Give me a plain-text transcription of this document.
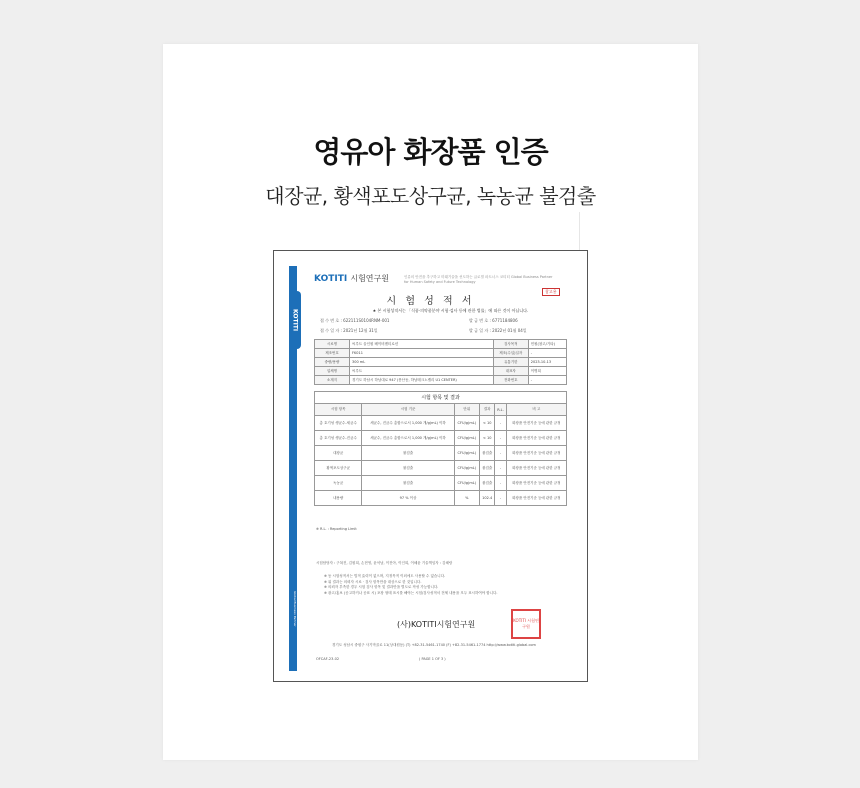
영유아 화장품 인증
대장균, 황색포도상구균, 녹농균 불검출
KOTITI
Global Business Partner
KOTITI 시험연구원	인류의 안전을 추구하고 미래기술을 선도하는 글로벌 파트너스 코티티 Global Business Partner for Human Safety and Future Technology
참고용
시 험 성 적 서
★ 본 시험성적서는 「식품·의약품분야 시험·검사 등에 관한 법률」에 따른 것이 아닙니다.
접 수 번 호 : 622111S0104RNM-001	발 급 번 호 : 6771184806
접 수 일 자 : 2021년 12월 31일	발 급 일 자 : 2022년 01월 04일
시료명	씨루트 올인원 베이비젠티로션	검사목적	민원(참고/기타)
제조번호	FK011	제조(수입)일자	-
중량/용량	300 mL	유통기한	2023-10-13
업체명	씨루트	대표자	이병희
소재지	경기도 하남시 하남대로 947 (풍산동, 하남테크노밸리 U1 CENTER)	전화번호	-
시험 항목 및 결과
시험 항목	시험 기준	단위	결과	R.L.	비 고
총 호기성 생균수-세균수	세균수, 진균수 총합으로서 1,000 개/g(mL) 이하	CFU/g(mL)	< 10	-	화장품 안전기준 등에 관한 규정
총 호기성 생균수-진균수	세균수, 진균수 총합으로서 1,000 개/g(mL) 이하	CFU/g(mL)	< 10	-	화장품 안전기준 등에 관한 규정
대장균	불검출	CFU/g(mL)	불검출	-	화장품 안전기준 등에 관한 규정
황색포도상구균	불검출	CFU/g(mL)	불검출	-	화장품 안전기준 등에 관한 규정
녹농균	불검출	CFU/g(mL)	불검출	-	화장품 안전기준 등에 관한 규정
내용량	97 % 이상	%	102.4	-	화장품 안전기준 등에 관한 규정
※ R.L. : Reporting Limit
시험담당자 : 구복진, 김원희, 손현영, 윤석남, 이진아, 이인희, 이혜윤 기술책임자 : 김혜랑
※ 동 시험성적서는 법적 효력이 없으며, 지정목적 이외에도 사용할 수 없습니다.
※ 위 결과는 의뢰자 시료 · 검사 항목만을 대상으로 한 것입니다.
※ 의뢰자 부족한 경우 시험 검사 항목 및 결과만을 별도로 작성 가능합니다.
※ 광고/홍보 (공고하거나 공표 시) 포장 형태 표시를 해야는 시험/검사성적서 전체 내용을 모두 표시하여야 합니다.
(사)KOTITI시험연구원	KOTITI 시험연구원
경기도 성남시 중원구 사기막골로 11(상대원동) (T) +82-31-5461-1740 (F) +82-31-5461-1774 http://www.kotiti-global.com
OFCAF-23-02	( PAGE 1 OF 3 )
